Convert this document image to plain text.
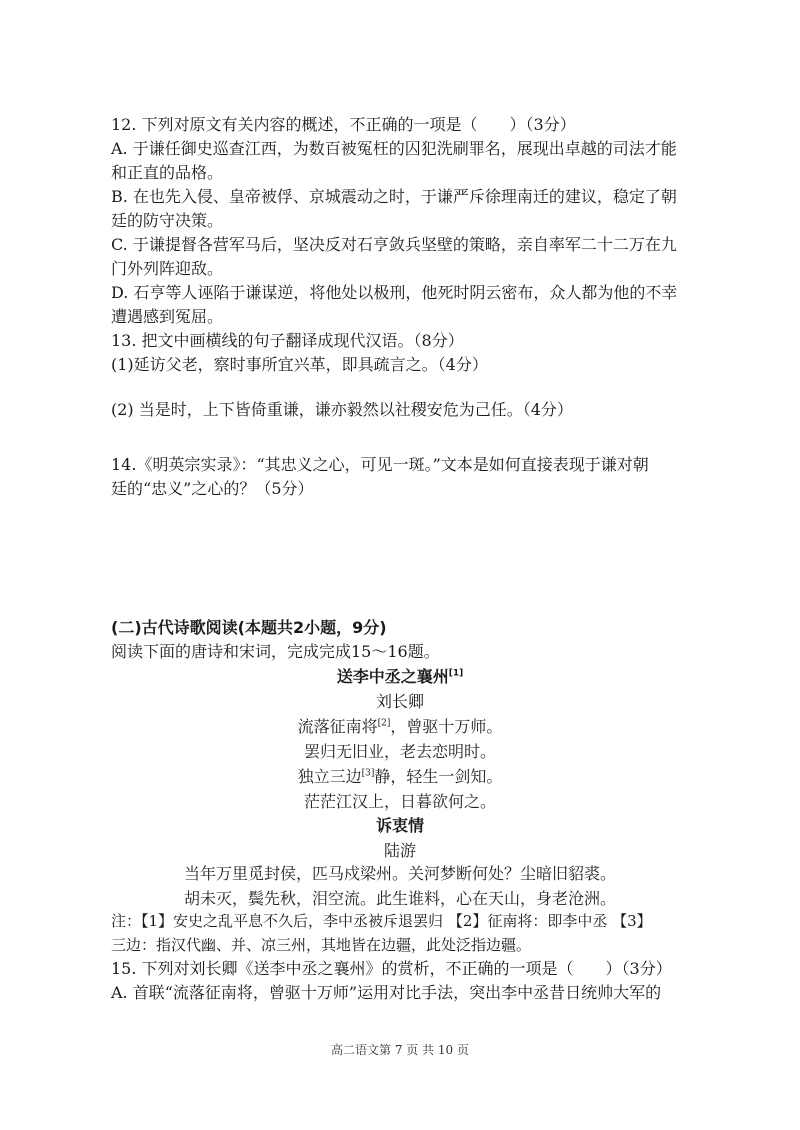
12. 下列对原文有关内容的概述，不正确的一项是（　　）（3分）
A. 于谦任御史巡查江西，为数百被冤枉的囚犯洗刷罪名，展现出卓越的司法才能
和正直的品格。
B. 在也先入侵、皇帝被俘、京城震动之时，于谦严斥徐理南迁的建议，稳定了朝
廷的防守决策。
C. 于谦提督各营军马后，坚决反对石亨敛兵坚壁的策略，亲自率军二十二万在九
门外列阵迎敌。
D. 石亨等人诬陷于谦谋逆，将他处以极刑，他死时阴云密布，众人都为他的不幸
遭遇感到冤屈。
13. 把文中画横线的句子翻译成现代汉语。（8分）
(1)延访父老，察时事所宜兴革，即具疏言之。（4分）
(2) 当是时，上下皆倚重谦，谦亦毅然以社稷安危为己任。（4分）
14.《明英宗实录》：“其忠义之心，可见一斑。”文本是如何直接表现于谦对朝
廷的“忠义”之心的？（5分）
(二)古代诗歌阅读(本题共2小题，9分)
阅读下面的唐诗和宋词，完成完成15～16题。
送李中丞之襄州[1]
刘长卿
流落征南将[2]，曾驱十万师。
罢归无旧业，老去恋明时。
独立三边[3]静，轻生一剑知。
茫茫江汉上，日暮欲何之。
诉衷情
陆游
当年万里觅封侯，匹马戍梁州。关河梦断何处？尘暗旧貂裘。
胡未灭，鬓先秋，泪空流。此生谁料，心在天山，身老沧洲。
注：【1】安史之乱平息不久后，李中丞被斥退罢归 【2】征南将：即李中丞 【3】
三边：指汉代幽、并、凉三州，其地皆在边疆，此处泛指边疆。
15. 下列对刘长卿《送李中丞之襄州》的赏析，不正确的一项是（　　）（3分）
A. 首联“流落征南将，曾驱十万师”运用对比手法，突出李中丞昔日统帅大军的
高二语文第 7 页 共 10 页
